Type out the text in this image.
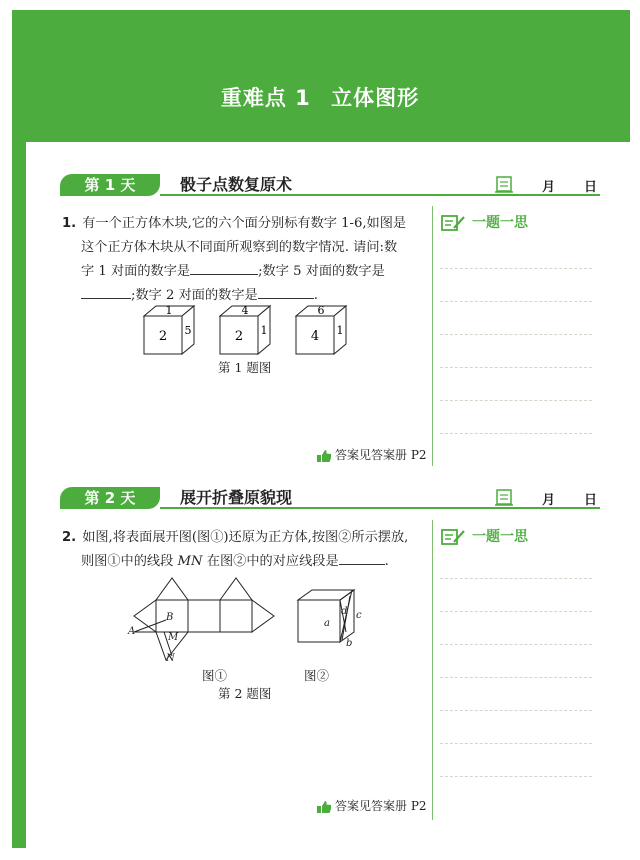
重难点 1 立体图形
第 1 天	骰子点数复原术	月 日
一题一思
1. 有一个正方体木块,它的六个面分别标有数字 1-6,如图是
这个正方体木块从不同面所观察到的数字情况. 请问:数
字 1 对面的数字是	;数字 5 对面的数字是
;数字 2 对面的数字是	.
1
2 5
4
2 1
6
4 1
第 1 题图
答案见答案册 P2
第 2 天	展开折叠原貌现	月 日
一题一思
2. 如图,将表面展开图(图①)还原为正方体,按图②所示摆放,
则图①中的线段 MN 在图②中的对应线段是	.
A
B
M
N
图①
a
b
c
d
图②
第 2 题图
答案见答案册 P2
